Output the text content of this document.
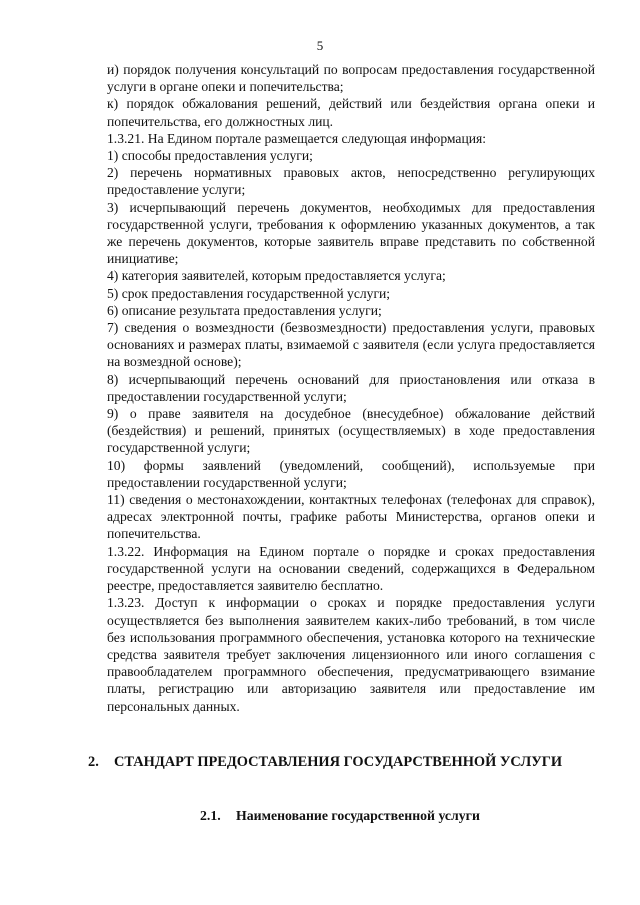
5

и) порядок получения консультаций по вопросам предоставления государственной услуги в органе опеки и попечительства;

к) порядок обжалования решений, действий или бездействия органа опеки и попечительства, его должностных лиц.

1.3.21. На Едином портале размещается следующая информация:

1) способы предоставления услуги;

2) перечень нормативных правовых актов, непосредственно регулирующих предоставление услуги;

3) исчерпывающий перечень документов, необходимых для предоставления государственной услуги, требования к оформлению указанных документов, а так же перечень документов, которые заявитель вправе представить по собственной инициативе;

4) категория заявителей, которым предоставляется услуга;

5) срок предоставления государственной услуги;

6) описание результата предоставления услуги;

7) сведения о возмездности (безвозмездности) предоставления услуги, правовых основаниях и размерах платы, взимаемой с заявителя (если услуга предоставляется на возмездной основе);

8) исчерпывающий перечень оснований для приостановления или отказа в предоставлении государственной услуги;

9) о праве заявителя на досудебное (внесудебное) обжалование действий (бездействия) и решений, принятых (осуществляемых) в ходе предоставления государственной услуги;

10) формы заявлений (уведомлений, сообщений), используемые при предоставлении государственной услуги;

11) сведения о местонахождении, контактных телефонах (телефонах для справок), адресах электронной почты, графике работы Министерства, органов опеки и попечительства.

1.3.22. Информация на Едином портале о порядке и сроках предоставления государственной услуги на основании сведений, содержащихся в Федеральном реестре, предоставляется заявителю бесплатно.

1.3.23. Доступ к информации о сроках и порядке предоставления услуги осуществляется без выполнения заявителем каких-либо требований, в том числе без использования программного обеспечения, установка которого на технические средства заявителя требует заключения лицензионного или иного соглашения с правообладателем программного обеспечения, предусматривающего взимание платы, регистрацию или авторизацию заявителя или предоставление им персональных данных.

2. СТАНДАРТ ПРЕДОСТАВЛЕНИЯ ГОСУДАРСТВЕННОЙ УСЛУГИ
2.1. Наименование государственной услуги
